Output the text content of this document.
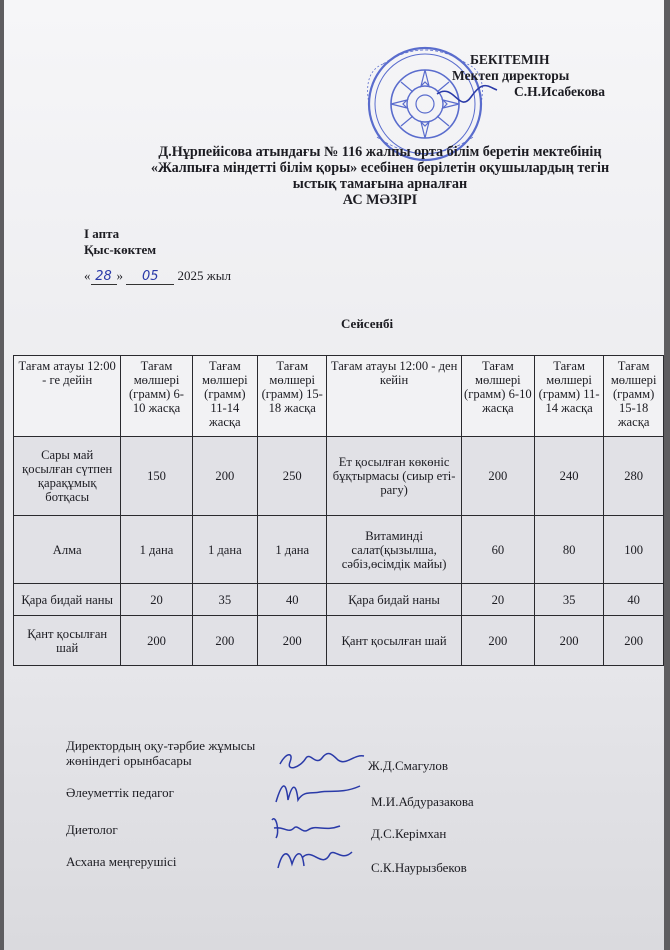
БЕКІТЕМІН
Мектеп директоры
С.Н.Исабекова
Д.Нұрпейісова атындағы № 116 жалпы орта білім беретін мектебінің
«Жалпыға міндетті білім қоры» есебінен берілетін оқушылардың тегін
ыстық тамағына арналған
АС МӘЗІРІ
І апта
Қыс-көктем
« 28 » 05 2025 жыл
Сейсенбі
Тағам атауы 12:00 - ге дейін	Тағам мөлшері (грамм) 6-10 жасқа	Тағам мөлшері (грамм) 11-14 жасқа	Тағам мөлшері (грамм) 15-18 жасқа	Тағам атауы 12:00 - ден кейін	Тағам мөлшері (грамм) 6-10 жасқа	Тағам мөлшері (грамм) 11-14 жасқа	Тағам мөлшері (грамм) 15-18 жасқа
Сары май қосылған сүтпен қарақұмық ботқасы	150	200	250	Ет қосылған көкөніс бұқтырмасы (сиыр еті-рагу)	200	240	280
Алма	1 дана	1 дана	1 дана	Витаминді салат(қызылша, сәбіз,өсімдік майы)	60	80	100
Қара бидай наны	20	35	40	Қара бидай наны	20	35	40
Қант қосылған шай	200	200	200	Қант қосылған шай	200	200	200
Директордың оқу-тәрбие жұмысы жөніндегі орынбасары	Ж.Д.Смагулов
Әлеуметтік педагог
М.И.Абдуразакова
Диетолог	Д.С.Керімхан
Асхана меңгерушісі	С.К.Наурызбеков
